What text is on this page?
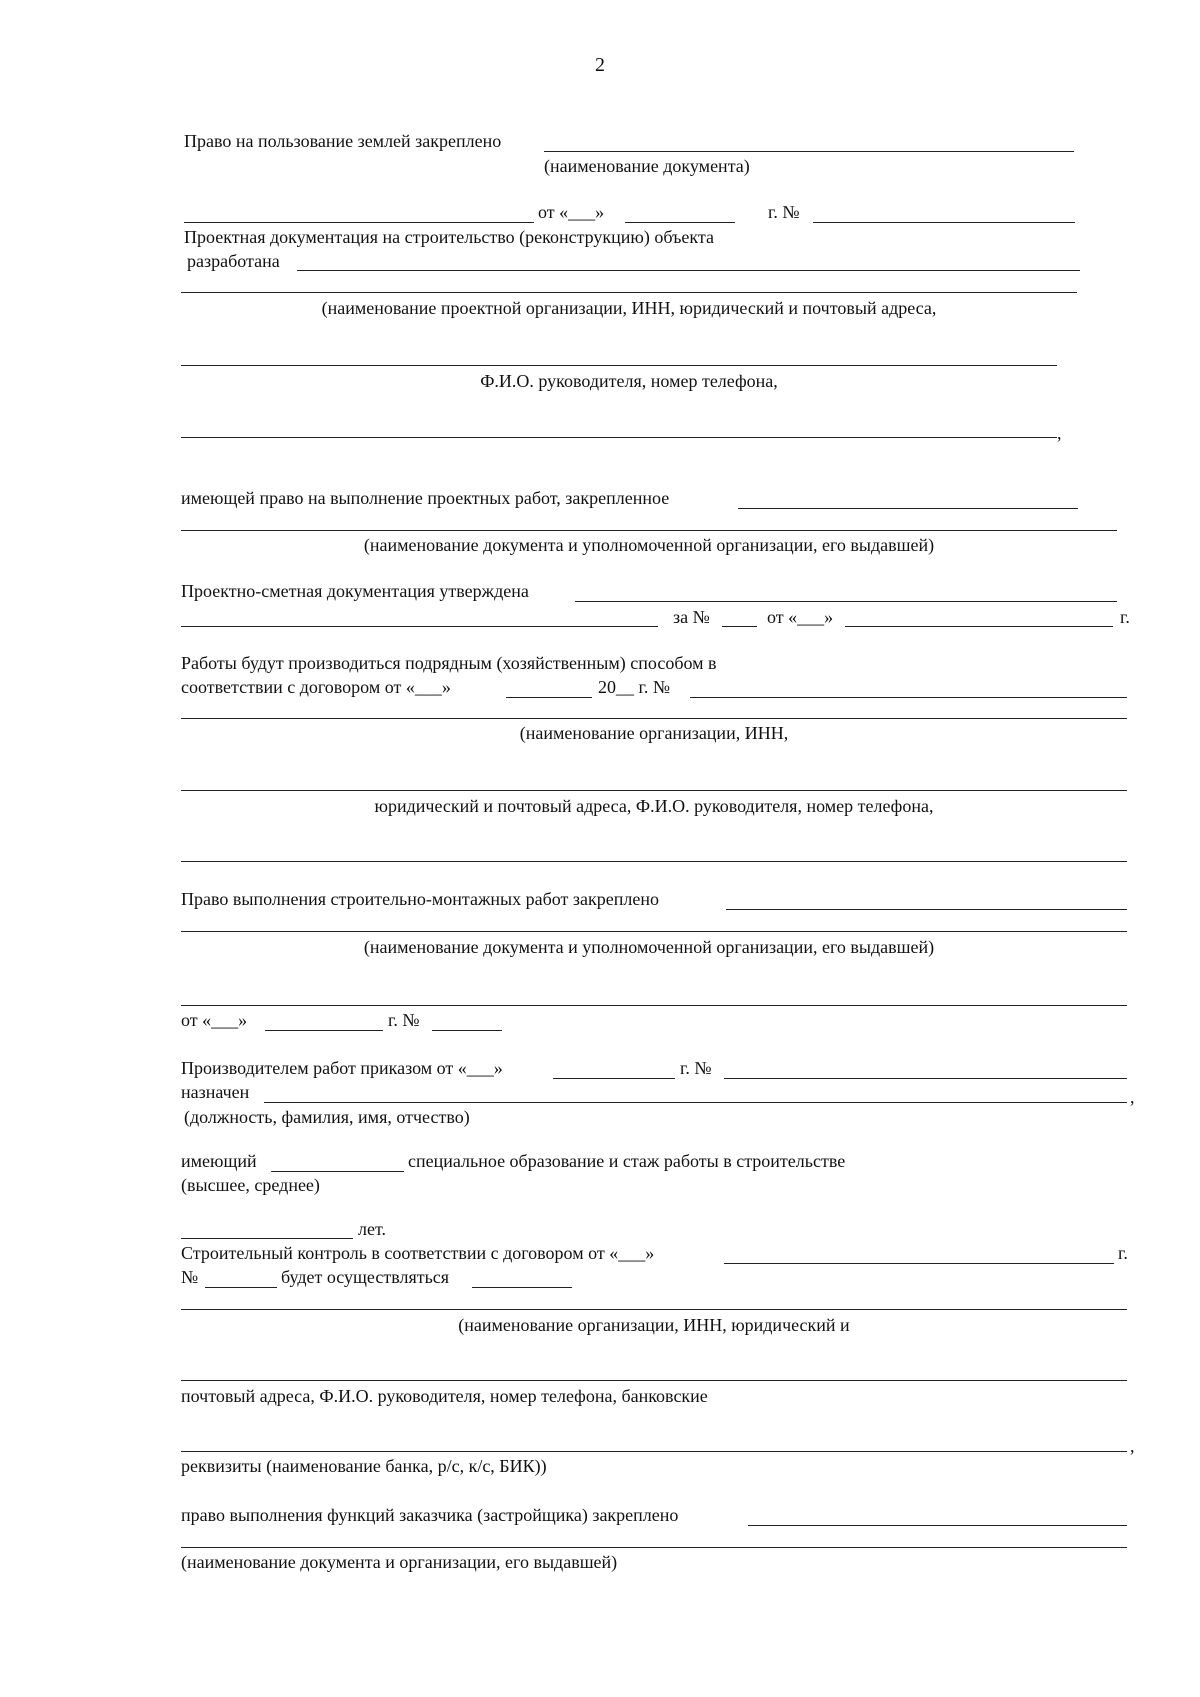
2
Право на пользование землей закреплено
(наименование документа)
от «___»	г. №
Проектная документация на строительство (реконструкцию) объекта
разработана
(наименование проектной организации, ИНН, юридический и почтовый адреса,
Ф.И.О. руководителя, номер телефона,
,
имеющей право на выполнение проектных работ, закрепленное
(наименование документа и уполномоченной организации, его выдавшей)
Проектно-сметная документация утверждена
за №	от «___»	г.
Работы будут производиться подрядным (хозяйственным) способом в
соответствии с договором от «___»	20__ г. №
(наименование организации, ИНН,
юридический и почтовый адреса, Ф.И.О. руководителя, номер телефона,
Право выполнения строительно-монтажных работ закреплено
(наименование документа и уполномоченной организации, его выдавшей)
от «___»	г. №
Производителем работ приказом от «___»	г. №
назначен	,
(должность, фамилия, имя, отчество)
имеющий	специальное образование и стаж работы в строительстве
(высшее, среднее)
лет.
Строительный контроль в соответствии с договором от «___»	г.
№	будет осуществляться
(наименование организации, ИНН, юридический и
почтовый адреса, Ф.И.О. руководителя, номер телефона, банковские
,
реквизиты (наименование банка, р/с, к/с, БИК))
право выполнения функций заказчика (застройщика) закреплено
(наименование документа и организации, его выдавшей)
